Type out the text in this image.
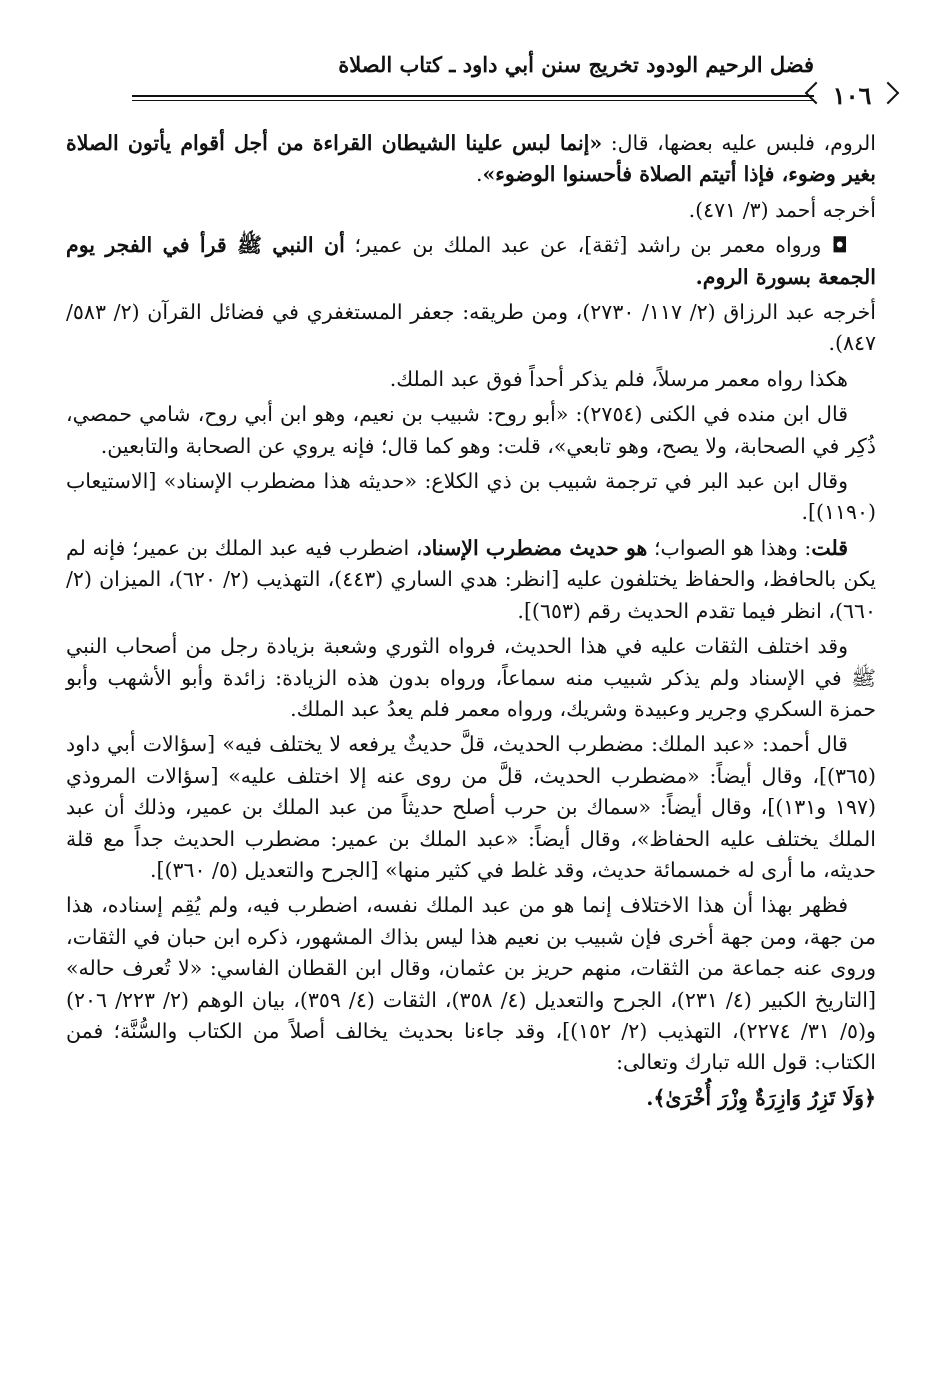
فضل الرحيم الودود تخريج سنن أبي داود ـ كتاب الصلاة
١٠٦

الروم، فلبس عليه بعضها، قال: «إنما لبس علينا الشيطان القراءة من أجل أقوام يأتون الصلاة بغير وضوء، فإذا أتيتم الصلاة فأحسنوا الوضوء».

أخرجه أحمد (٣/ ٤٧١).

◘ ورواه معمر بن راشد [ثقة]، عن عبد الملك بن عمير؛ أن النبي ﷺ قرأ في الفجر يوم الجمعة بسورة الروم.

أخرجه عبد الرزاق (٢/ ١١٧/ ٢٧٣٠)، ومن طريقه: جعفر المستغفري في فضائل القرآن (٢/ ٥٨٣/ ٨٤٧).

هكذا رواه معمر مرسلاً، فلم يذكر أحداً فوق عبد الملك.

قال ابن منده في الكنى (٢٧٥٤): «أبو روح: شبيب بن نعيم، وهو ابن أبي روح، شامي حمصي، ذُكِر في الصحابة، ولا يصح، وهو تابعي»، قلت: وهو كما قال؛ فإنه يروي عن الصحابة والتابعين.

وقال ابن عبد البر في ترجمة شبيب بن ذي الكلاع: «حديثه هذا مضطرب الإسناد» [الاستيعاب (١١٩٠)].

قلت: وهذا هو الصواب؛ هو حديث مضطرب الإسناد، اضطرب فيه عبد الملك بن عمير؛ فإنه لم يكن بالحافظ، والحفاظ يختلفون عليه [انظر: هدي الساري (٤٤٣)، التهذيب (٢/ ٦٢٠)، الميزان (٢/ ٦٦٠)، انظر فيما تقدم الحديث رقم (٦٥٣)].

وقد اختلف الثقات عليه في هذا الحديث، فرواه الثوري وشعبة بزيادة رجل من أصحاب النبي ﷺ في الإسناد ولم يذكر شبيب منه سماعاً، ورواه بدون هذه الزيادة: زائدة وأبو الأشهب وأبو حمزة السكري وجرير وعبيدة وشريك، ورواه معمر فلم يعدُ عبد الملك.

قال أحمد: «عبد الملك: مضطرب الحديث، قلَّ حديثٌ يرفعه لا يختلف فيه» [سؤالات أبي داود (٣٦٥)]، وقال أيضاً: «مضطرب الحديث، قلَّ من روى عنه إلا اختلف عليه» [سؤالات المروذي (١٩٧ و١٣١)]، وقال أيضاً: «سماك بن حرب أصلح حديثاً من عبد الملك بن عمير، وذلك أن عبد الملك يختلف عليه الحفاظ»، وقال أيضاً: «عبد الملك بن عمير: مضطرب الحديث جداً مع قلة حديثه، ما أرى له خمسمائة حديث، وقد غلط في كثير منها» [الجرح والتعديل (٥/ ٣٦٠)].

فظهر بهذا أن هذا الاختلاف إنما هو من عبد الملك نفسه، اضطرب فيه، ولم يُقِم إسناده، هذا من جهة، ومن جهة أخرى فإن شبيب بن نعيم هذا ليس بذاك المشهور، ذكره ابن حبان في الثقات، وروى عنه جماعة من الثقات، منهم حريز بن عثمان، وقال ابن القطان الفاسي: «لا تُعرف حاله» [التاريخ الكبير (٤/ ٢٣١)، الجرح والتعديل (٤/ ٣٥٨)، الثقات (٤/ ٣٥٩)، بيان الوهم (٢/ ٢٢٣/ ٢٠٦) و(٥/ ٣١/ ٢٢٧٤)، التهذيب (٢/ ١٥٢)]، وقد جاءنا بحديث يخالف أصلاً من الكتاب والسُّنَّة؛ فمن الكتاب: قول الله تبارك وتعالى:

﴿وَلَا تَزِرُ وَازِرَةٌ وِزْرَ أُخْرَىٰ﴾.
